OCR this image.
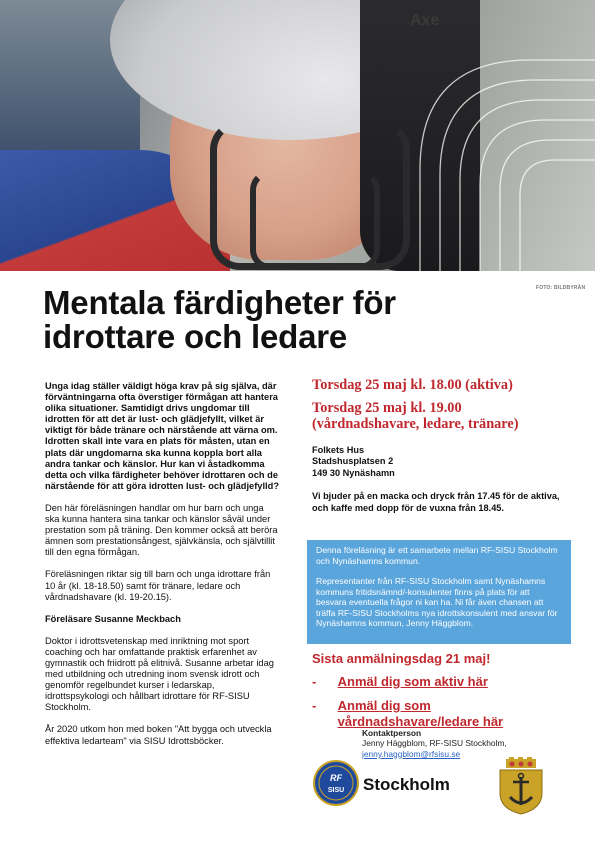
Axe
FOTO: BILDBYRÅN
Mentala färdigheter för
idrottare och ledare

Unga idag ställer väldigt höga krav på sig själva, där förväntningarna ofta överstiger förmågan att hantera olika situationer. Samtidigt drivs ungdomar till idrotten för att det är lust- och glädjefyllt, vilket är viktigt för både tränare och närstående att värna om. Idrotten skall inte vara en plats för måsten, utan en plats där ungdomarna ska kunna koppla bort alla andra tankar och känslor. Hur kan vi åstadkomma detta och vilka färdigheter behöver idrottaren och de närstående för att göra idrotten lust- och glädjefylld?

Den här föreläsningen handlar om hur barn och unga ska kunna hantera sina tankar och känslor såväl under prestation som på träning. Den kommer också att beröra ämnen som prestationsångest, självkänsla, och självtillit till den egna förmågan.

Föreläsningen riktar sig till barn och unga idrottare från 10 år (kl. 18-18.50) samt för tränare, ledare och vårdnadshavare (kl. 19-20.15).

Föreläsare Susanne Meckbach

Doktor i idrottsvetenskap med inriktning mot sport coaching och har omfattande praktisk erfarenhet av gymnastik och friidrott på elitnivå. Susanne arbetar idag med utbildning och utredning inom svensk idrott och genomför regelbundet kurser i ledarskap, idrottspsykologi och hållbart idrottare för RF-SISU Stockholm.

År 2020 utkom hon med boken "Att bygga och utveckla effektiva ledarteam" via SISU Idrottsböcker.

Torsdag 25 maj kl. 18.00 (aktiva)
Torsdag 25 maj kl. 19.00 (vårdnadshavare, ledare, tränare)
Folkets Hus
Stadshusplatsen 2
149 30 Nynäshamn
Vi bjuder på en macka och dryck från 17.45 för de aktiva, och kaffe med dopp för de vuxna från 18.45.

Denna föreläsning är ett samarbete mellan RF-SISU Stockholm och Nynäshamns kommun.

Representanter från RF-SISU Stockholm samt Nynäshamns kommuns fritidsnämnd/-konsulenter finns på plats för att besvara eventuella frågor ni kan ha. Ni får även chansen att träffa RF-SISU Stockholms nya idrottskonsulent med ansvar för Nynäshamns kommun, Jenny Häggblom.

Sista anmälningsdag 21 maj!
- Anmäl dig som aktiv här
- Anmäl dig som
vårdnadshavare/ledare här
Kontaktperson
Jenny Häggblom, RF-SISU Stockholm,
jenny.haggblom@rfsisu.se
RF
SISU Stockholm
